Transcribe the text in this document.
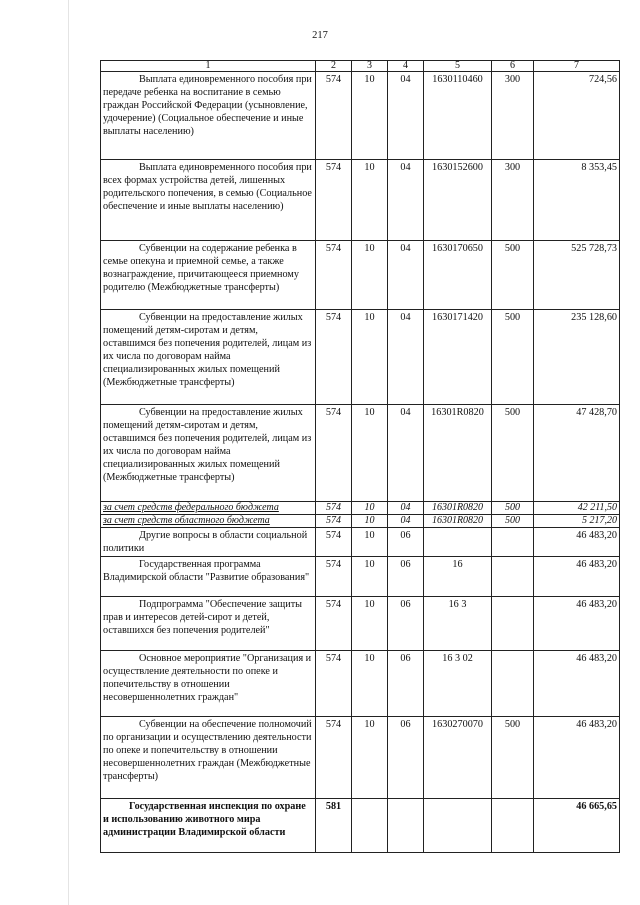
217
1	2	3	4	5	6	7
Выплата единовременного пособия при передаче ребенка на воспитание в семью граждан Российской Федерации (усыновление, удочерение) (Социальное обеспечение и иные выплаты населению)	574	10	04	1630110460	300	724,56
Выплата единовременного пособия при всех формах устройства детей, лишенных родительского попечения, в семью (Социальное обеспечение и иные выплаты населению)	574	10	04	1630152600	300	8 353,45
Субвенции на содержание ребенка в семье опекуна и приемной семье, а также вознаграждение, причитающееся приемному родителю (Межбюджетные трансферты)	574	10	04	1630170650	500	525 728,73
Субвенции на предоставление жилых помещений детям-сиротам и детям, оставшимся без попечения родителей, лицам из их числа по договорам найма специализированных жилых помещений (Межбюджетные трансферты)	574	10	04	1630171420	500	235 128,60
Субвенции на предоставление жилых помещений детям-сиротам и детям, оставшимся без попечения родителей, лицам из их числа по договорам найма специализированных жилых помещений (Межбюджетные трансферты)	574	10	04	16301R0820	500	47 428,70
за счет средств федерального бюджета	574	10	04	16301R0820	500	42 211,50
за счет средств областного бюджета	574	10	04	16301R0820	500	5 217,20
Другие вопросы в области социальной политики	574	10	06			46 483,20
Государственная программа Владимирской области "Развитие образования"	574	10	06	16		46 483,20
Подпрограмма "Обеспечение защиты прав и интересов детей-сирот и детей, оставшихся без попечения родителей"	574	10	06	16 3		46 483,20
Основное мероприятие "Организация и осуществление деятельности по опеке и попечительству в отношении несовершеннолетних граждан"	574	10	06	16 3 02		46 483,20
Субвенции на обеспечение полномочий по организации и осуществлению деятельности по опеке и попечительству в отношении несовершеннолетних граждан (Межбюджетные трансферты)	574	10	06	1630270070	500	46 483,20
Государственная инспекция по охране и использованию животного мира администрации Владимирской области	581					46 665,65
